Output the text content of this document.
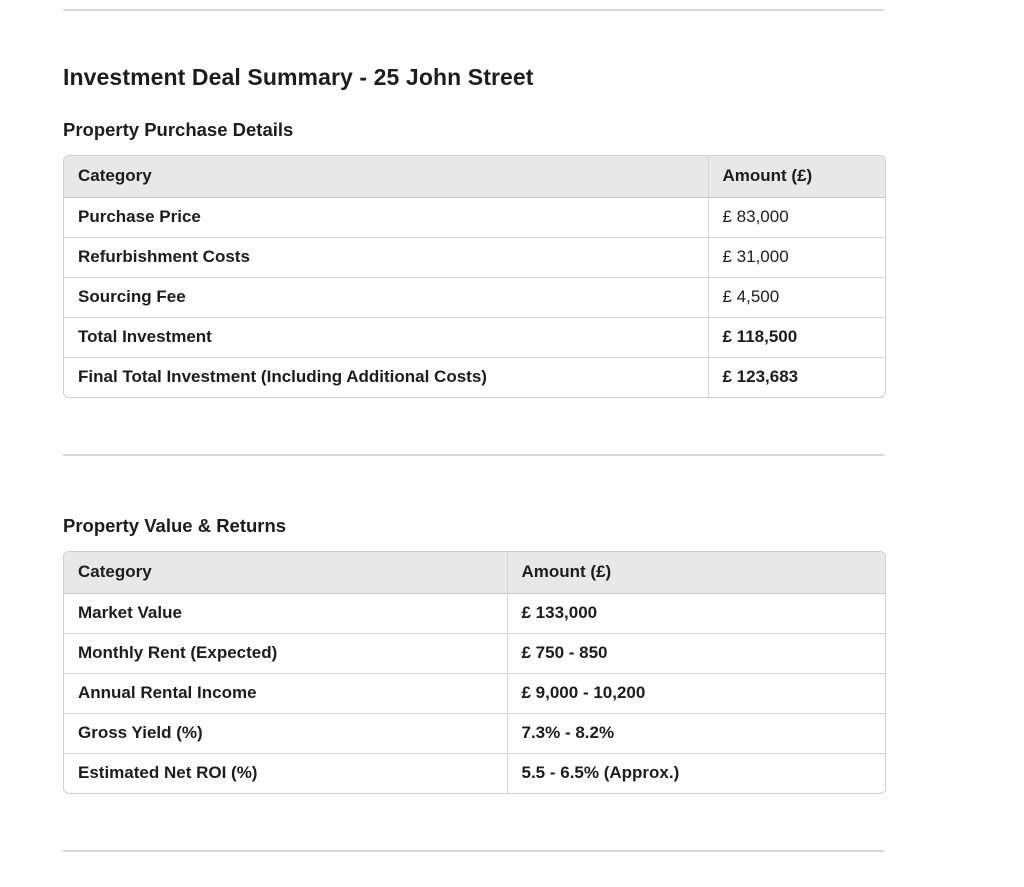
Investment Deal Summary - 25 John Street
Property Purchase Details
Category	Amount (£)
Purchase Price	£ 83,000
Refurbishment Costs	£ 31,000
Sourcing Fee	£ 4,500
Total Investment	£ 118,500
Final Total Investment (Including Additional Costs)	£ 123,683
Property Value & Returns
Category	Amount (£)
Market Value	£ 133,000
Monthly Rent (Expected)	£ 750 - 850
Annual Rental Income	£ 9,000 - 10,200
Gross Yield (%)	7.3% - 8.2%
Estimated Net ROI (%)	5.5 - 6.5% (Approx.)
